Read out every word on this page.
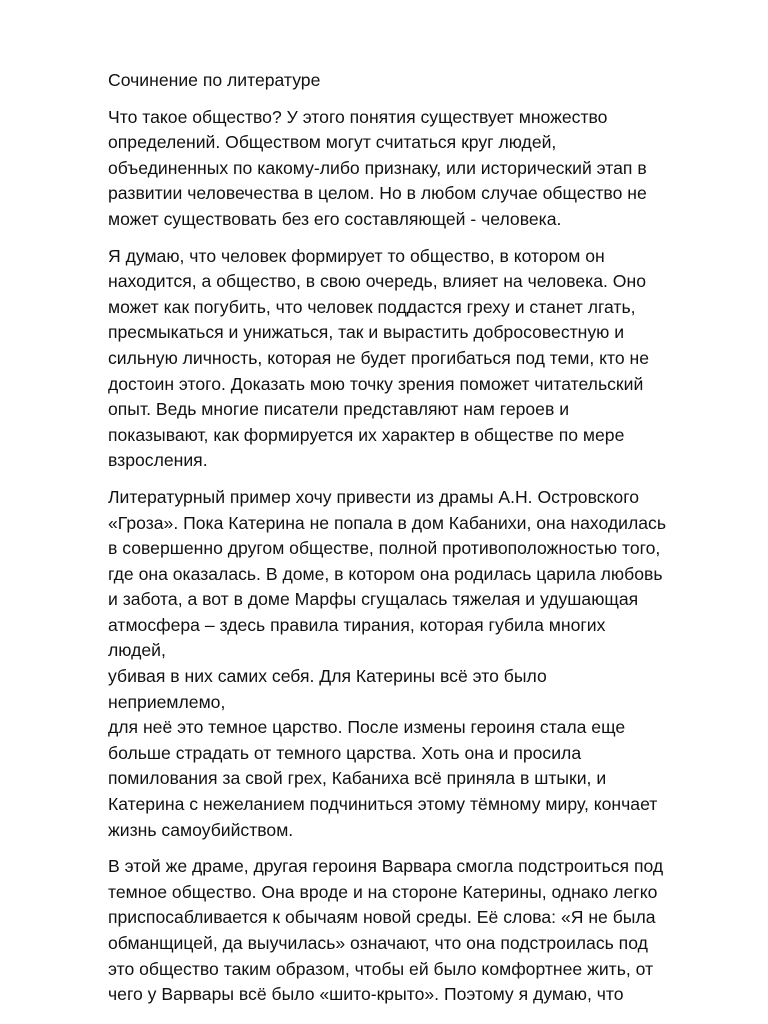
Сочинение по литературе

Что такое общество? У этого понятия существует множество
определений. Обществом могут считаться круг людей,
объединенных по какому-либо признаку, или исторический этап в
развитии человечества в целом. Но в любом случае общество не
может существовать без его составляющей - человека.

Я думаю, что человек формирует то общество, в котором он
находится, а общество, в свою очередь, влияет на человека. Оно
может как погубить, что человек поддастся греху и станет лгать,
пресмыкаться и унижаться, так и вырастить добросовестную и
сильную личность, которая не будет прогибаться под теми, кто не
достоин этого. Доказать мою точку зрения поможет читательский
опыт. Ведь многие писатели представляют нам героев и
показывают, как формируется их характер в обществе по мере
взросления.

Литературный пример хочу привести из драмы А.Н. Островского
«Гроза». Пока Катерина не попала в дом Кабанихи, она находилась
в совершенно другом обществе, полной противоположностью того,
где она оказалась. В доме, в котором она родилась царила любовь
и забота, а вот в доме Марфы сгущалась тяжелая и удушающая
атмосфера – здесь правила тирания, которая губила многих людей,
убивая в них самих себя. Для Катерины всё это было неприемлемо,
для неё это темное царство. После измены героиня стала еще
больше страдать от темного царства. Хоть она и просила
помилования за свой грех, Кабаниха всё приняла в штыки, и
Катерина с нежеланием подчиниться этому тёмному миру, кончает
жизнь самоубийством.

В этой же драме, другая героиня Варвара смогла подстроиться под
темное общество. Она вроде и на стороне Катерины, однако легко
приспосабливается к обычаям новой среды. Её слова: «Я не была
обманщицей, да выучилась» означают, что она подстроилась под
это общество таким образом, чтобы ей было комфортнее жить, от
чего у Варвары всё было «шито-крыто». Поэтому я думаю, что
